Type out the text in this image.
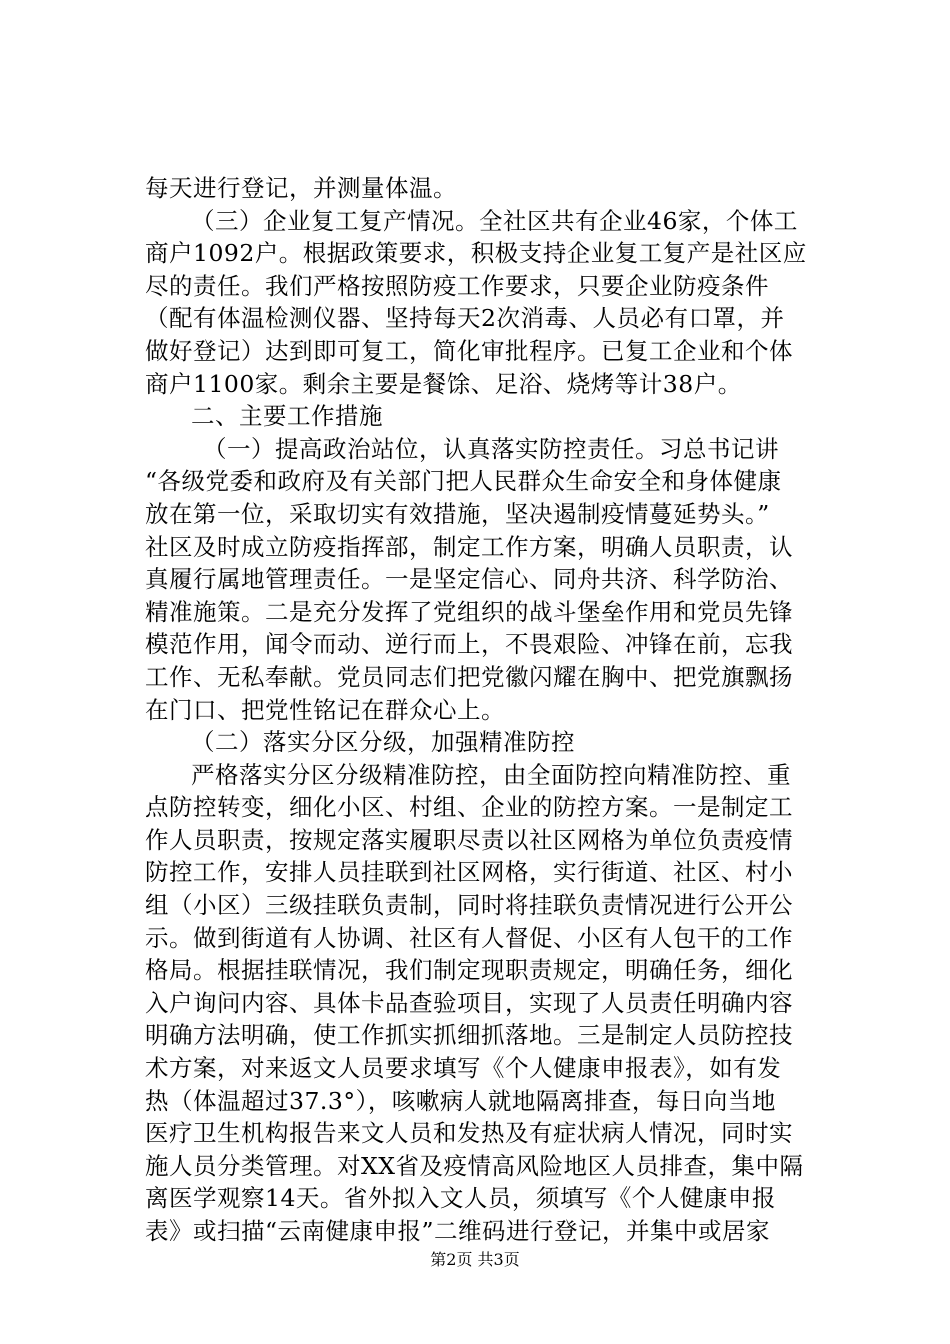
每天进行登记，并测量体温。
（三）企业复工复产情况。全社区共有企业46家，个体工
商户1092户。根据政策要求，积极支持企业复工复产是社区应
尽的责任。我们严格按照防疫工作要求，只要企业防疫条件
（配有体温检测仪器、坚持每天2次消毒、人员必有口罩，并
做好登记）达到即可复工，简化审批程序。已复工企业和个体
商户1100家。剩余主要是餐馀、足浴、烧烤等计38户。
二、主要工作措施
（一）提高政治站位，认真落实防控责任。习总书记讲
“各级党委和政府及有关部门把人民群众生命安全和身体健康
放在第一位，采取切实有效措施，坚决遏制疫情蔓延势头。”
社区及时成立防疫指挥部，制定工作方案，明确人员职责，认
真履行属地管理责任。一是坚定信心、同舟共济、科学防治、
精准施策。二是充分发挥了党组织的战斗堡垒作用和党员先锋
模范作用，闻令而动、逆行而上，不畏艰险、冲锋在前，忘我
工作、无私奉献。党员同志们把党徽闪耀在胸中、把党旗飘扬
在门口、把党性铭记在群众心上。
（二）落实分区分级，加强精准防控
严格落实分区分级精准防控，由全面防控向精准防控、重
点防控转变，细化小区、村组、企业的防控方案。一是制定工
作人员职责，按规定落实履职尽责以社区网格为单位负责疫情
防控工作，安排人员挂联到社区网格，实行街道、社区、村小
组（小区）三级挂联负责制，同时将挂联负责情况进行公开公
示。做到街道有人协调、社区有人督促、小区有人包干的工作
格局。根据挂联情况，我们制定现职责规定，明确任务，细化
入户询问内容、具体卡品查验项目，实现了人员责任明确内容
明确方法明确，使工作抓实抓细抓落地。三是制定人员防控技
术方案，对来返文人员要求填写《个人健康申报表》，如有发
热（体温超过37.3°），咳嗽病人就地隔离排查，每日向当地
医疗卫生机构报告来文人员和发热及有症状病人情况，同时实
施人员分类管理。对XX省及疫情高风险地区人员排查，集中隔
离医学观察14天。省外拟入文人员，须填写《个人健康申报
表》或扫描“云南健康申报”二维码进行登记，并集中或居家
第2页 共3页
